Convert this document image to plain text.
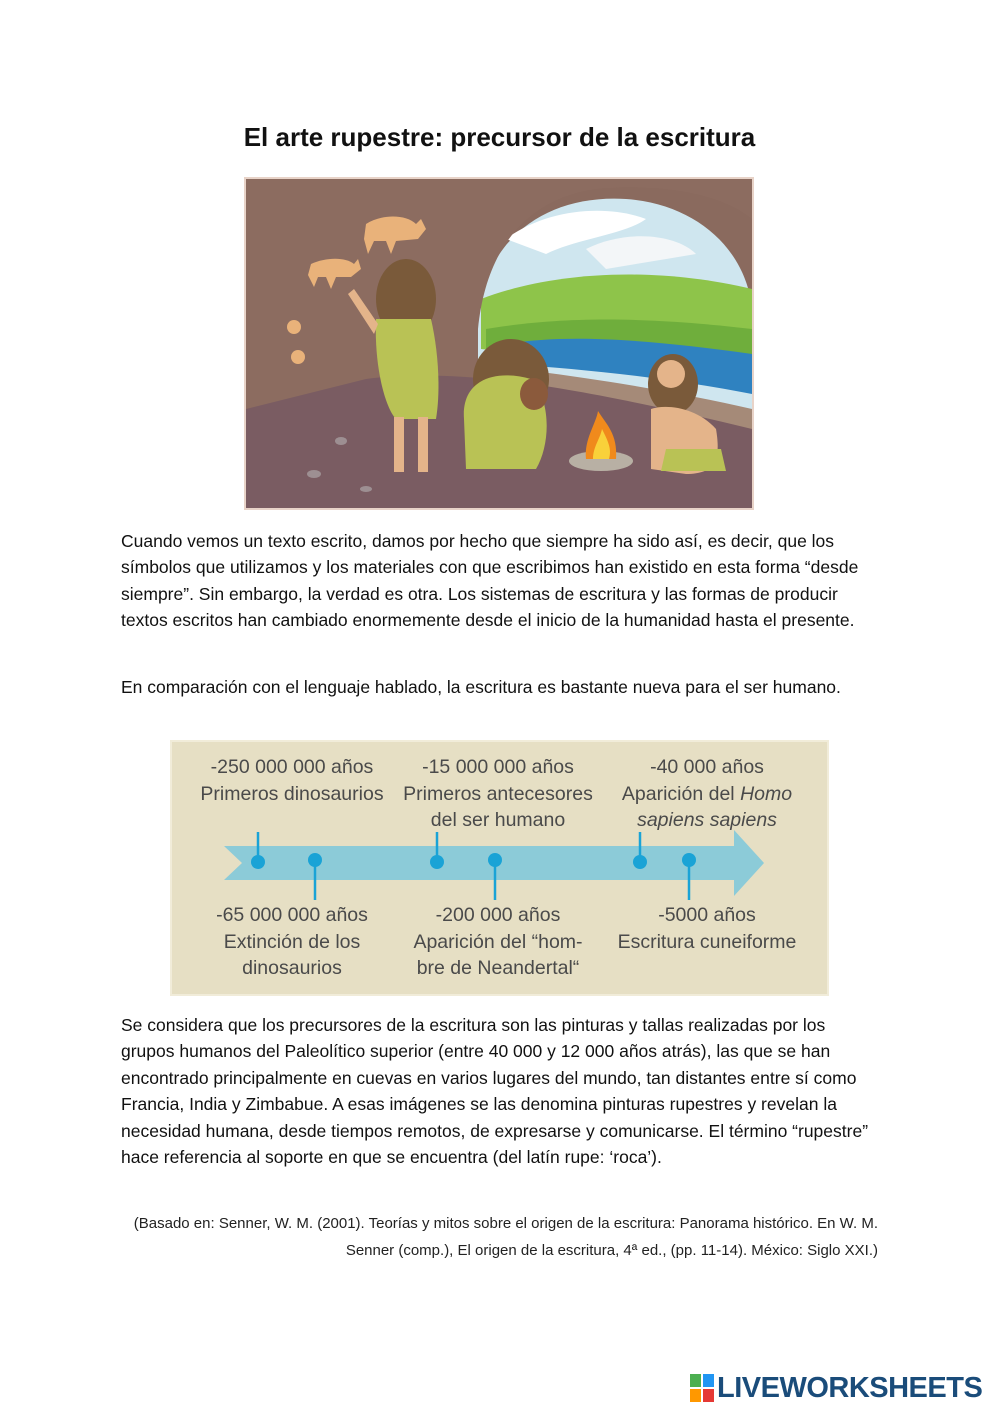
El arte rupestre: precursor de la escritura

Cuando vemos un texto escrito, damos por hecho que siempre ha sido así, es decir, que los símbolos que utilizamos y los materiales con que escribimos han existido en esta forma “desde siempre”. Sin embargo, la verdad es otra. Los sistemas de escritura y las formas de producir textos escritos han cambiado enormemente desde el inicio de la humanidad hasta el presente.

En comparación con el lenguaje hablado, la escritura es bastante nueva para el ser humano.

-250 000 000 años
Primeros dinosaurios
-15 000 000 años
Primeros antecesores
del ser humano
-40 000 años
Aparición del Homo
sapiens sapiens
-65 000 000 años
Extinción de los
dinosaurios
-200 000 años
Aparición del “hom-
bre de Neandertal“
-5000 años
Escritura cuneiforme

Se considera que los precursores de la escritura son las pinturas y tallas realizadas por los grupos humanos del Paleolítico superior (entre 40 000 y 12 000 años atrás), las que se han encontrado principalmente en cuevas en varios lugares del mundo, tan distantes entre sí como Francia, India y Zimbabue. A esas imágenes se las denomina pinturas rupestres y revelan la necesidad humana, desde tiempos remotos, de expresarse y comunicarse. El término “rupestre” hace referencia al soporte en que se encuentra (del latín rupe: ‘roca’).

(Basado en: Senner, W. M. (2001). Teorías y mitos sobre el origen de la escritura: Panorama histórico. En W. M. Senner (comp.), El origen de la escritura, 4ª ed., (pp. 11-14). México: Siglo XXI.)

LIVEWORKSHEETS
